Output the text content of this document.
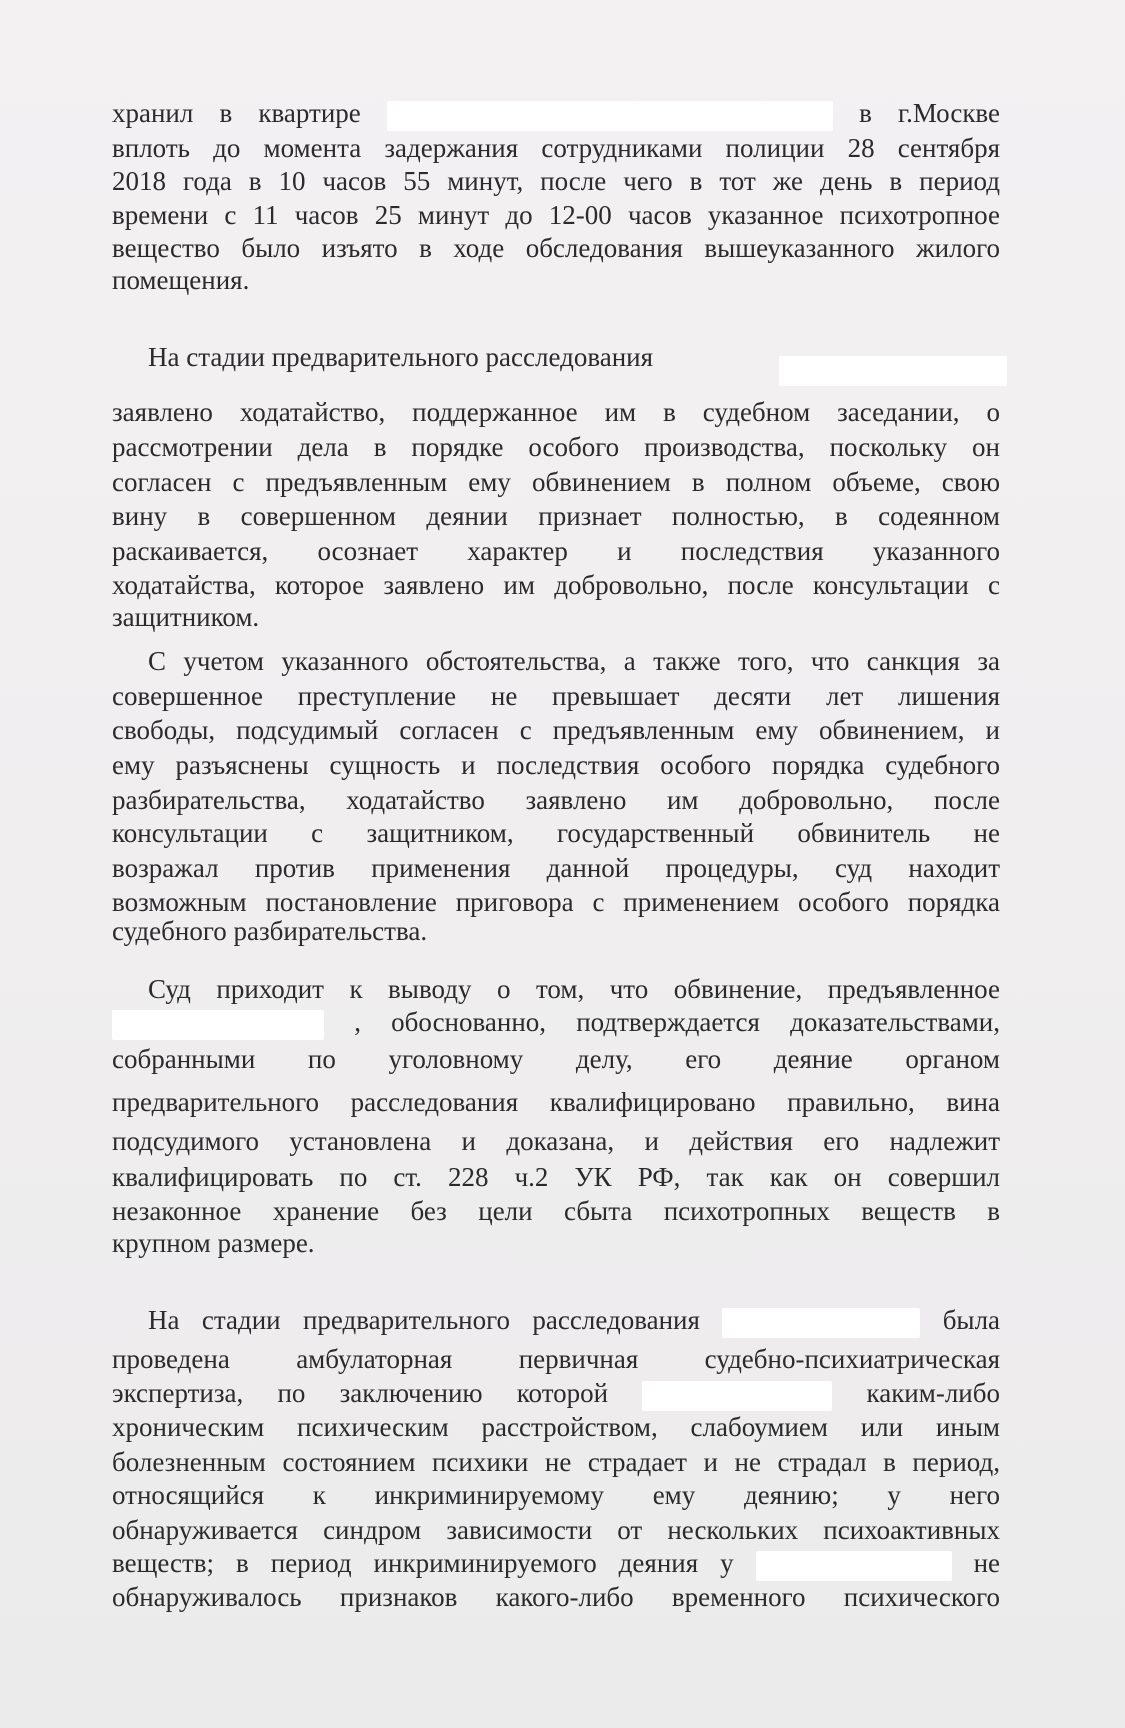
хранил в квартире	в г.Москве
вплоть до момента задержания сотрудниками полиции 28 сентября
2018 года в 10 часов 55 минут, после чего в тот же день в период
времени с 11 часов 25 минут до 12-00 часов указанное психотропное
вещество было изъято в ходе обследования вышеуказанного жилого
помещения.
На стадии предварительного расследования
заявлено ходатайство, поддержанное им в судебном заседании, о
рассмотрении дела в порядке особого производства, поскольку он
согласен с предъявленным ему обвинением в полном объеме, свою
вину в совершенном деянии признает полностью, в содеянном
раскаивается, осознает характер и последствия указанного
ходатайства, которое заявлено им добровольно, после консультации с
защитником.
С учетом указанного обстоятельства, а также того, что санкция за
совершенное преступление не превышает десяти лет лишения
свободы, подсудимый согласен с предъявленным ему обвинением, и
ему разъяснены сущность и последствия особого порядка судебного
разбирательства, ходатайство заявлено им добровольно, после
консультации с защитником, государственный обвинитель не
возражал против применения данной процедуры, суд находит
возможным постановление приговора с применением особого порядка
судебного разбирательства.
Суд приходит к выводу о том, что обвинение, предъявленное
, обоснованно, подтверждается доказательствами,
собранными по уголовному делу, его деяние органом
предварительного расследования квалифицировано правильно, вина
подсудимого установлена и доказана, и действия его надлежит
квалифицировать по ст. 228 ч.2 УК РФ, так как он совершил
незаконное хранение без цели сбыта психотропных веществ в
крупном размере.
На стадии предварительного расследования	была
проведена амбулаторная первичная судебно-психиатрическая
экспертиза, по заключению которой	каким-либо
хроническим психическим расстройством, слабоумием или иным
болезненным состоянием психики не страдает и не страдал в период,
относящийся к инкриминируемому ему деянию; у него
обнаруживается синдром зависимости от нескольких психоактивных
веществ; в период инкриминируемого деяния у	не
обнаруживалось признаков какого-либо временного психического
